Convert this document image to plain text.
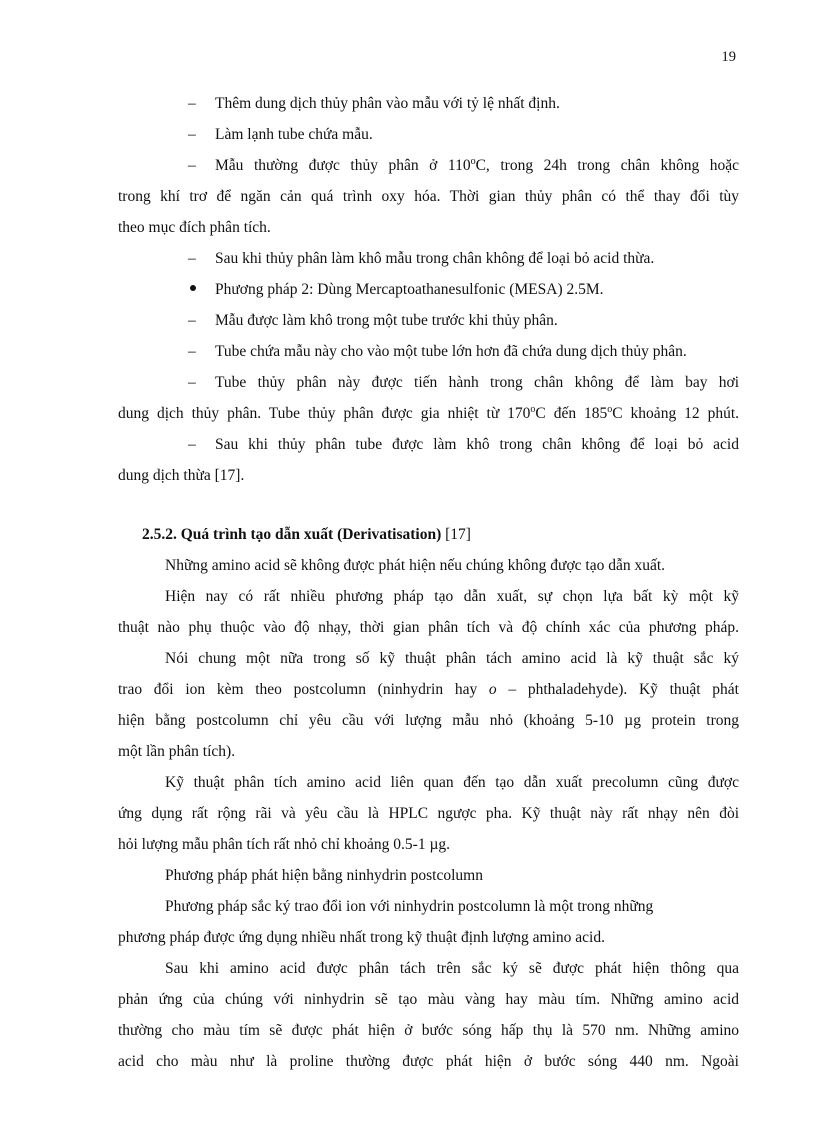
19
– Thêm dung dịch thủy phân vào mẫu với tỷ lệ nhất định.
– Làm lạnh tube chứa mẫu.
– Mẫu thường được thủy phân ở 110$^o$C, trong 24h trong chân không hoặc
trong khí trơ để ngăn cản quá trình oxy hóa. Thời gian thủy phân có thể thay đổi tùy
theo mục đích phân tích.
– Sau khi thủy phân làm khô mẫu trong chân không để loại bỏ acid thừa.
Phương pháp 2: Dùng Mercaptoathanesulfonic (MESA) 2.5M.
– Mẫu được làm khô trong một tube trước khi thủy phân.
– Tube chứa mẫu này cho vào một tube lớn hơn đã chứa dung dịch thủy phân.
– Tube thủy phân này được tiến hành trong chân không để làm bay hơi
dung dịch thủy phân. Tube thủy phân được gia nhiệt từ 170$^o$C đến 185$^o$C khoảng 12 phút.
– Sau khi thủy phân tube được làm khô trong chân không để loại bỏ acid
dung dịch thừa [17].
2.5.2. Quá trình tạo dẫn xuất (Derivatisation) [17]
Những amino acid sẽ không được phát hiện nếu chúng không được tạo dẫn xuất.
Hiện nay có rất nhiều phương pháp tạo dẫn xuất, sự chọn lựa bất kỳ một kỹ
thuật nào phụ thuộc vào độ nhạy, thời gian phân tích và độ chính xác của phương pháp.
Nói chung một nữa trong số kỹ thuật phân tách amino acid là kỹ thuật sắc ký
trao đổi ion kèm theo postcolumn (ninhydrin hay o – phthaladehyde). Kỹ thuật phát
hiện bằng postcolumn chỉ yêu cầu với lượng mẫu nhỏ (khoảng 5-10 µg protein trong
một lần phân tích).
Kỹ thuật phân tích amino acid liên quan đến tạo dẫn xuất precolumn cũng được
ứng dụng rất rộng rãi và yêu cầu là HPLC ngược pha. Kỹ thuật này rất nhạy nên đòi
hỏi lượng mẫu phân tích rất nhỏ chỉ khoảng 0.5-1 µg.
Phương pháp phát hiện bằng ninhydrin postcolumn
Phương pháp sắc ký trao đổi ion với ninhydrin postcolumn là một trong những
phương pháp được ứng dụng nhiều nhất trong kỹ thuật định lượng amino acid.
Sau khi amino acid được phân tách trên sắc ký sẽ được phát hiện thông qua
phản ứng của chúng với ninhydrin sẽ tạo màu vàng hay màu tím. Những amino acid
thường cho màu tím sẽ được phát hiện ở bước sóng hấp thụ là 570 nm. Những amino
acid cho màu như là proline thường được phát hiện ở bước sóng 440 nm. Ngoài
